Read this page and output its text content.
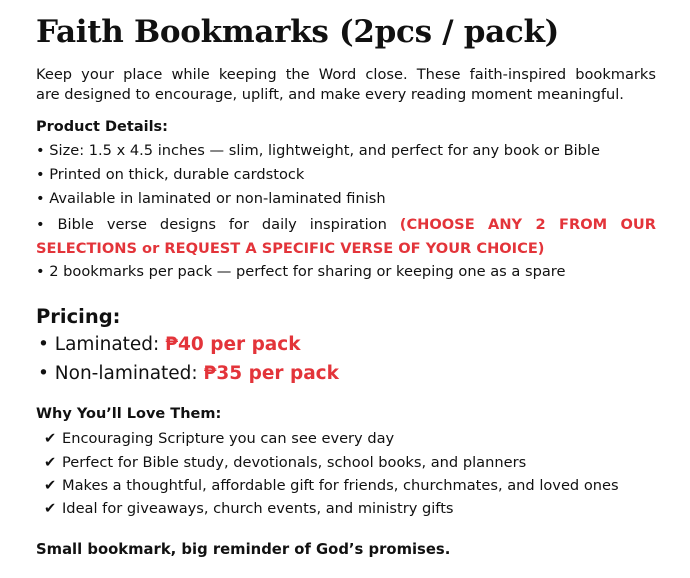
Faith Bookmarks (2pcs / pack)
Keep your place while keeping the Word close. These faith-inspired bookmarks
are designed to encourage, uplift, and make every reading moment meaningful.
Product Details:
• Size: 1.5 x 4.5 inches — slim, lightweight, and perfect for any book or Bible
• Printed on thick, durable cardstock
• Available in laminated or non-laminated finish
• Bible verse designs for daily inspiration (CHOOSE ANY 2 FROM OUR SELECTIONS or REQUEST A SPECIFIC VERSE OF YOUR CHOICE)
• 2 bookmarks per pack — perfect for sharing or keeping one as a spare
Pricing:
• Laminated: ₱40 per pack
• Non-laminated: ₱35 per pack
Why You’ll Love Them:
✔ Encouraging Scripture you can see every day
✔ Perfect for Bible study, devotionals, school books, and planners
✔ Makes a thoughtful, affordable gift for friends, churchmates, and loved ones
✔ Ideal for giveaways, church events, and ministry gifts
Small bookmark, big reminder of God’s promises.
